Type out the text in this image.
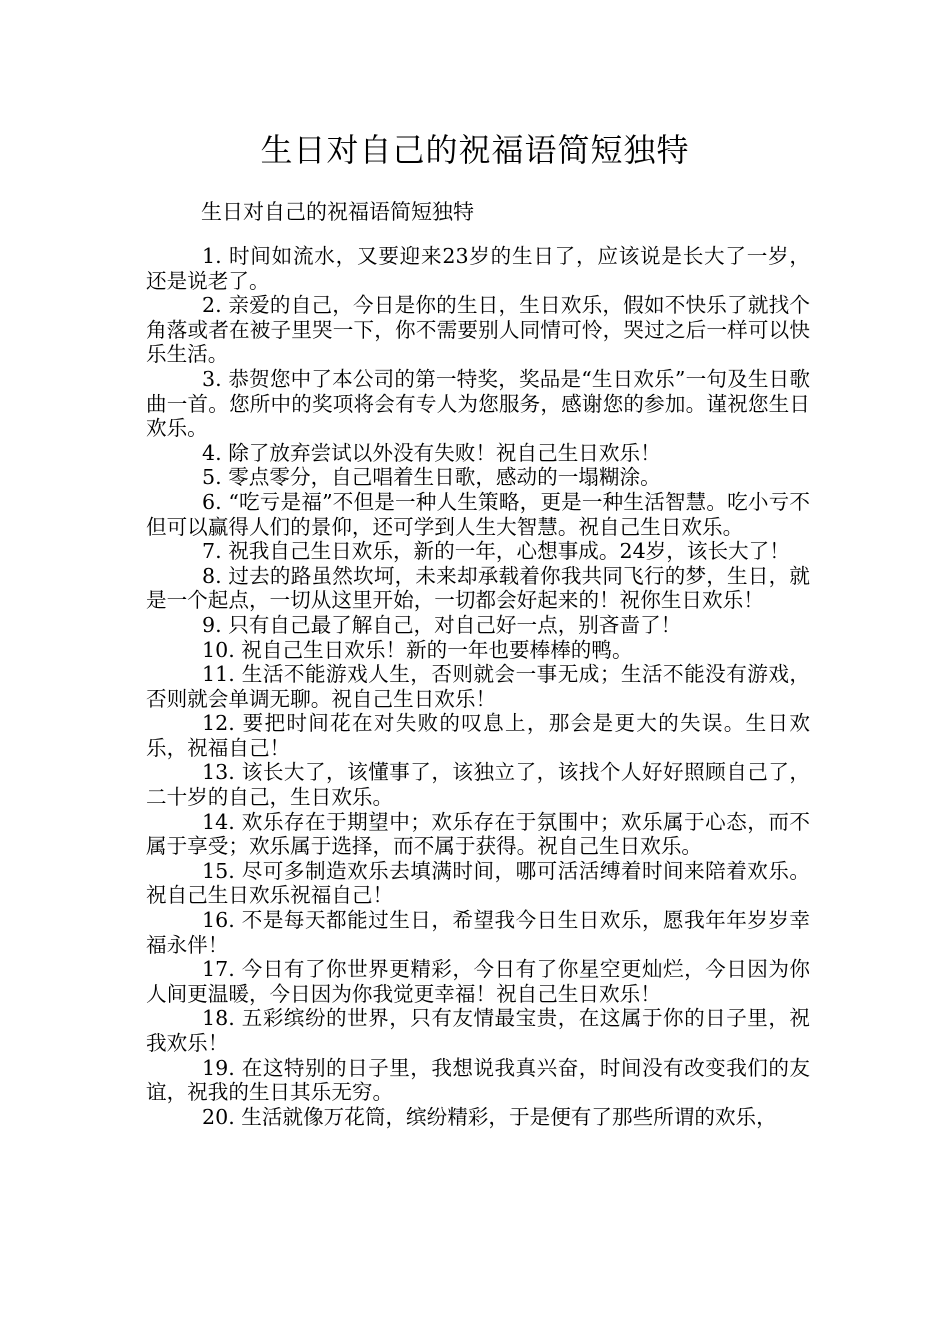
生日对自己的祝福语简短独特

生日对自己的祝福语简短独特

1. 时间如流水，又要迎来23岁的生日了，应该说是长大了一岁，还是说老了。

2. 亲爱的自己，今日是你的生日，生日欢乐，假如不快乐了就找个角落或者在被子里哭一下，你不需要别人同情可怜，哭过之后一样可以快乐生活。

3. 恭贺您中了本公司的第一特奖，奖品是“生日欢乐”一句及生日歌曲一首。您所中的奖项将会有专人为您服务，感谢您的参加。谨祝您生日欢乐。

4. 除了放弃尝试以外没有失败！祝自己生日欢乐！

5. 零点零分，自己唱着生日歌，感动的一塌糊涂。

6. “吃亏是福”不但是一种人生策略，更是一种生活智慧。吃小亏不但可以赢得人们的景仰，还可学到人生大智慧。祝自己生日欢乐。

7. 祝我自己生日欢乐，新的一年，心想事成。24岁，该长大了！

8. 过去的路虽然坎坷，未来却承载着你我共同飞行的梦，生日，就是一个起点，一切从这里开始，一切都会好起来的！祝你生日欢乐！

9. 只有自己最了解自己，对自己好一点，别吝啬了！

10. 祝自己生日欢乐！新的一年也要棒棒的鸭。

11. 生活不能游戏人生，否则就会一事无成；生活不能没有游戏，否则就会单调无聊。祝自己生日欢乐！

12. 要把时间花在对失败的叹息上，那会是更大的失误。生日欢乐，祝福自己！

13. 该长大了，该懂事了，该独立了，该找个人好好照顾自己了，二十岁的自己，生日欢乐。

14. 欢乐存在于期望中；欢乐存在于氛围中；欢乐属于心态，而不属于享受；欢乐属于选择，而不属于获得。祝自己生日欢乐。

15. 尽可多制造欢乐去填满时间，哪可活活缚着时间来陪着欢乐。祝自己生日欢乐祝福自己！

16. 不是每天都能过生日，希望我今日生日欢乐，愿我年年岁岁幸福永伴！

17. 今日有了你世界更精彩，今日有了你星空更灿烂，今日因为你人间更温暖，今日因为你我觉更幸福！祝自己生日欢乐！

18. 五彩缤纷的世界，只有友情最宝贵，在这属于你的日子里，祝我欢乐！

19. 在这特别的日子里，我想说我真兴奋，时间没有改变我们的友谊，祝我的生日其乐无穷。

20. 生活就像万花筒，缤纷精彩，于是便有了那些所谓的欢乐，
